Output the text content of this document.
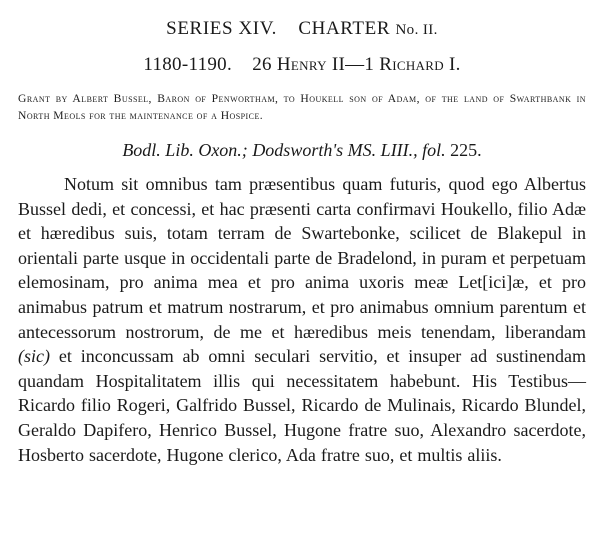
SERIES XIV. CHARTER No. II.
1180-1190. 26 Henry II—1 Richard I.

Grant by Albert Bussel, Baron of Penwortham, to Houkell son of Adam, of the land of Swarthbank in North Meols for the maintenance of a Hospice.

Bodl. Lib. Oxon.; Dodsworth's MS. LIII., fol. 225.

Notum sit omnibus tam præsentibus quam futuris, quod ego Albertus Bussel dedi, et concessi, et hac præsenti carta confirmavi Houkello, filio Adæ et hæredibus suis, totam terram de Swartebonke, scilicet de Blakepul in orientali parte usque in occidentali parte de Bradelond, in puram et perpetuam elemosinam, pro anima mea et pro anima uxoris meæ Let[ici]æ, et pro animabus patrum et matrum nostrarum, et pro animabus omnium parentum et antecessorum nostrorum, de me et hæredibus meis tenendam, liberandam (sic) et inconcussam ab omni seculari servitio, et insuper ad sustinendam quandam Hospitalitatem illis qui necessitatem habebunt. His Testibus—Ricardo filio Rogeri, Galfrido Bussel, Ricardo de Mulinais, Ricardo Blundel, Geraldo Dapifero, Henrico Bussel, Hugone fratre suo, Alexandro sacerdote, Hosberto sacerdote, Hugone clerico, Ada fratre suo, et multis aliis.
